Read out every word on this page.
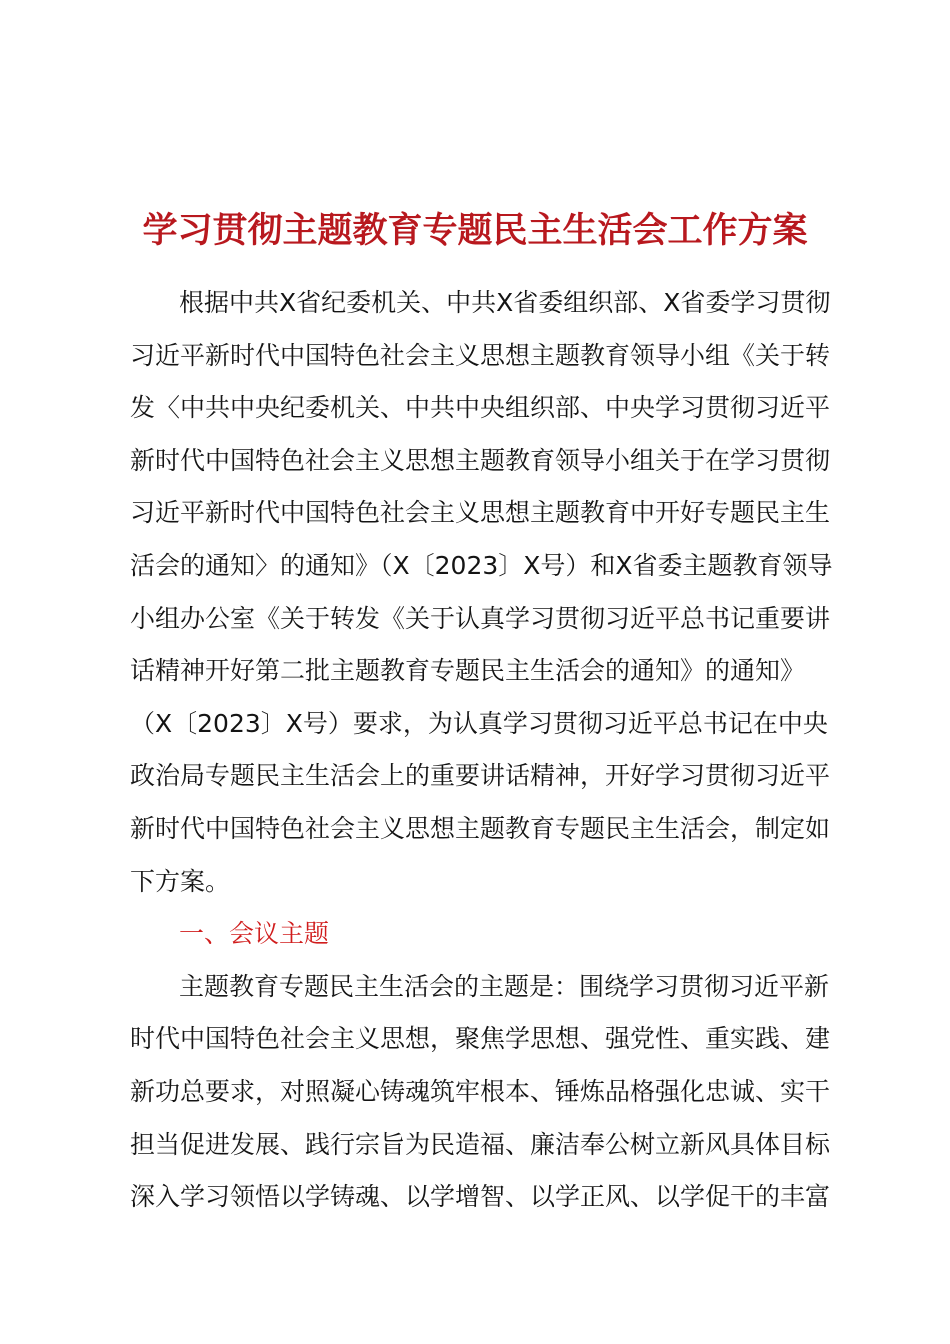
学习贯彻主题教育专题民主生活会工作方案
根据中共X省纪委机关、中共X省委组织部、X省委学习贯彻
习近平新时代中国特色社会主义思想主题教育领导小组《关于转
发〈中共中央纪委机关、中共中央组织部、中央学习贯彻习近平
新时代中国特色社会主义思想主题教育领导小组关于在学习贯彻
习近平新时代中国特色社会主义思想主题教育中开好专题民主生
活会的通知〉的通知》（X〔2023〕X号）和X省委主题教育领导
小组办公室《关于转发《关于认真学习贯彻习近平总书记重要讲
话精神开好第二批主题教育专题民主生活会的通知》的通知》
（X〔2023〕X号）要求，为认真学习贯彻习近平总书记在中央
政治局专题民主生活会上的重要讲话精神，开好学习贯彻习近平
新时代中国特色社会主义思想主题教育专题民主生活会，制定如
下方案。
一、会议主题
主题教育专题民主生活会的主题是：围绕学习贯彻习近平新
时代中国特色社会主义思想，聚焦学思想、强党性、重实践、建
新功总要求，对照凝心铸魂筑牢根本、锤炼品格强化忠诚、实干
担当促进发展、践行宗旨为民造福、廉洁奉公树立新风具体目标
深入学习领悟以学铸魂、以学增智、以学正风、以学促干的丰富
